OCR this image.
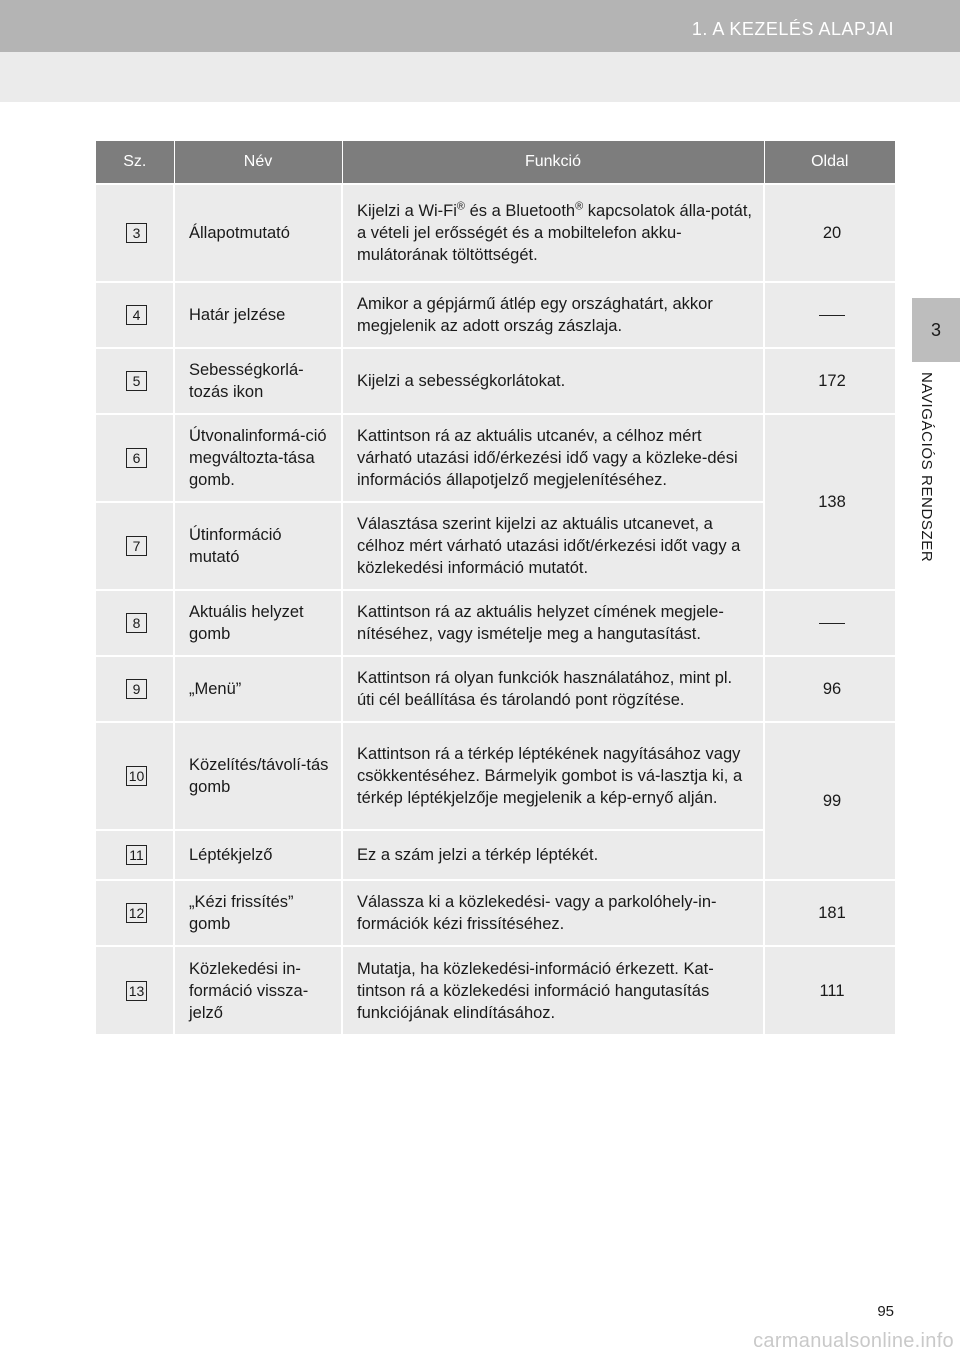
1. A KEZELÉS ALAPJAI
3
NAVIGÁCIÓS RENDSZER
Sz.	Név	Funkció	Oldal
3	Állapotmutató	Kijelzi a Wi-Fi® és a Bluetooth® kapcsolatok álla-potát, a vételi jel erősségét és a mobiltelefon akku-mulátorának töltöttségét.	20
4	Határ jelzése	Amikor a gépjármű átlép egy országhatárt, akkor megjelenik az adott ország zászlaja.	
5	Sebességkorlá-tozás ikon	Kijelzi a sebességkorlátokat.	172
6	Útvonalinformá-ció megváltozta-tása gomb.	Kattintson rá az aktuális utcanév, a célhoz mért várható utazási idő/érkezési idő vagy a közleke-dési információs állapotjelző megjelenítéséhez.	138
7	Útinformáció mutató	Választása szerint kijelzi az aktuális utcanevet, a célhoz mért várható utazási időt/érkezési időt vagy a közlekedési információ mutatót.	
8	Aktuális helyzet gomb	Kattintson rá az aktuális helyzet címének megjele-nítéséhez, vagy ismételje meg a hangutasítást.	
9	„Menü”	Kattintson rá olyan funkciók használatához, mint pl. úti cél beállítása és tárolandó pont rögzítése.	96
10	Közelítés/távolí-tás gomb	Kattintson rá a térkép léptékének nagyításához vagy csökkentéséhez. Bármelyik gombot is vá-lasztja ki, a térkép léptékjelzője megjelenik a kép-ernyő alján.	99
11	Léptékjelző	Ez a szám jelzi a térkép léptékét.	
12	„Kézi frissítés” gomb	Válassza ki a közlekedési- vagy a parkolóhely-in-formációk kézi frissítéséhez.	181
13	Közlekedési in-formáció vissza-jelző	Mutatja, ha közlekedési-információ érkezett. Kat-tintson rá a közlekedési információ hangutasítás funkciójának elindításához.	111
95
carmanualsonline.info
